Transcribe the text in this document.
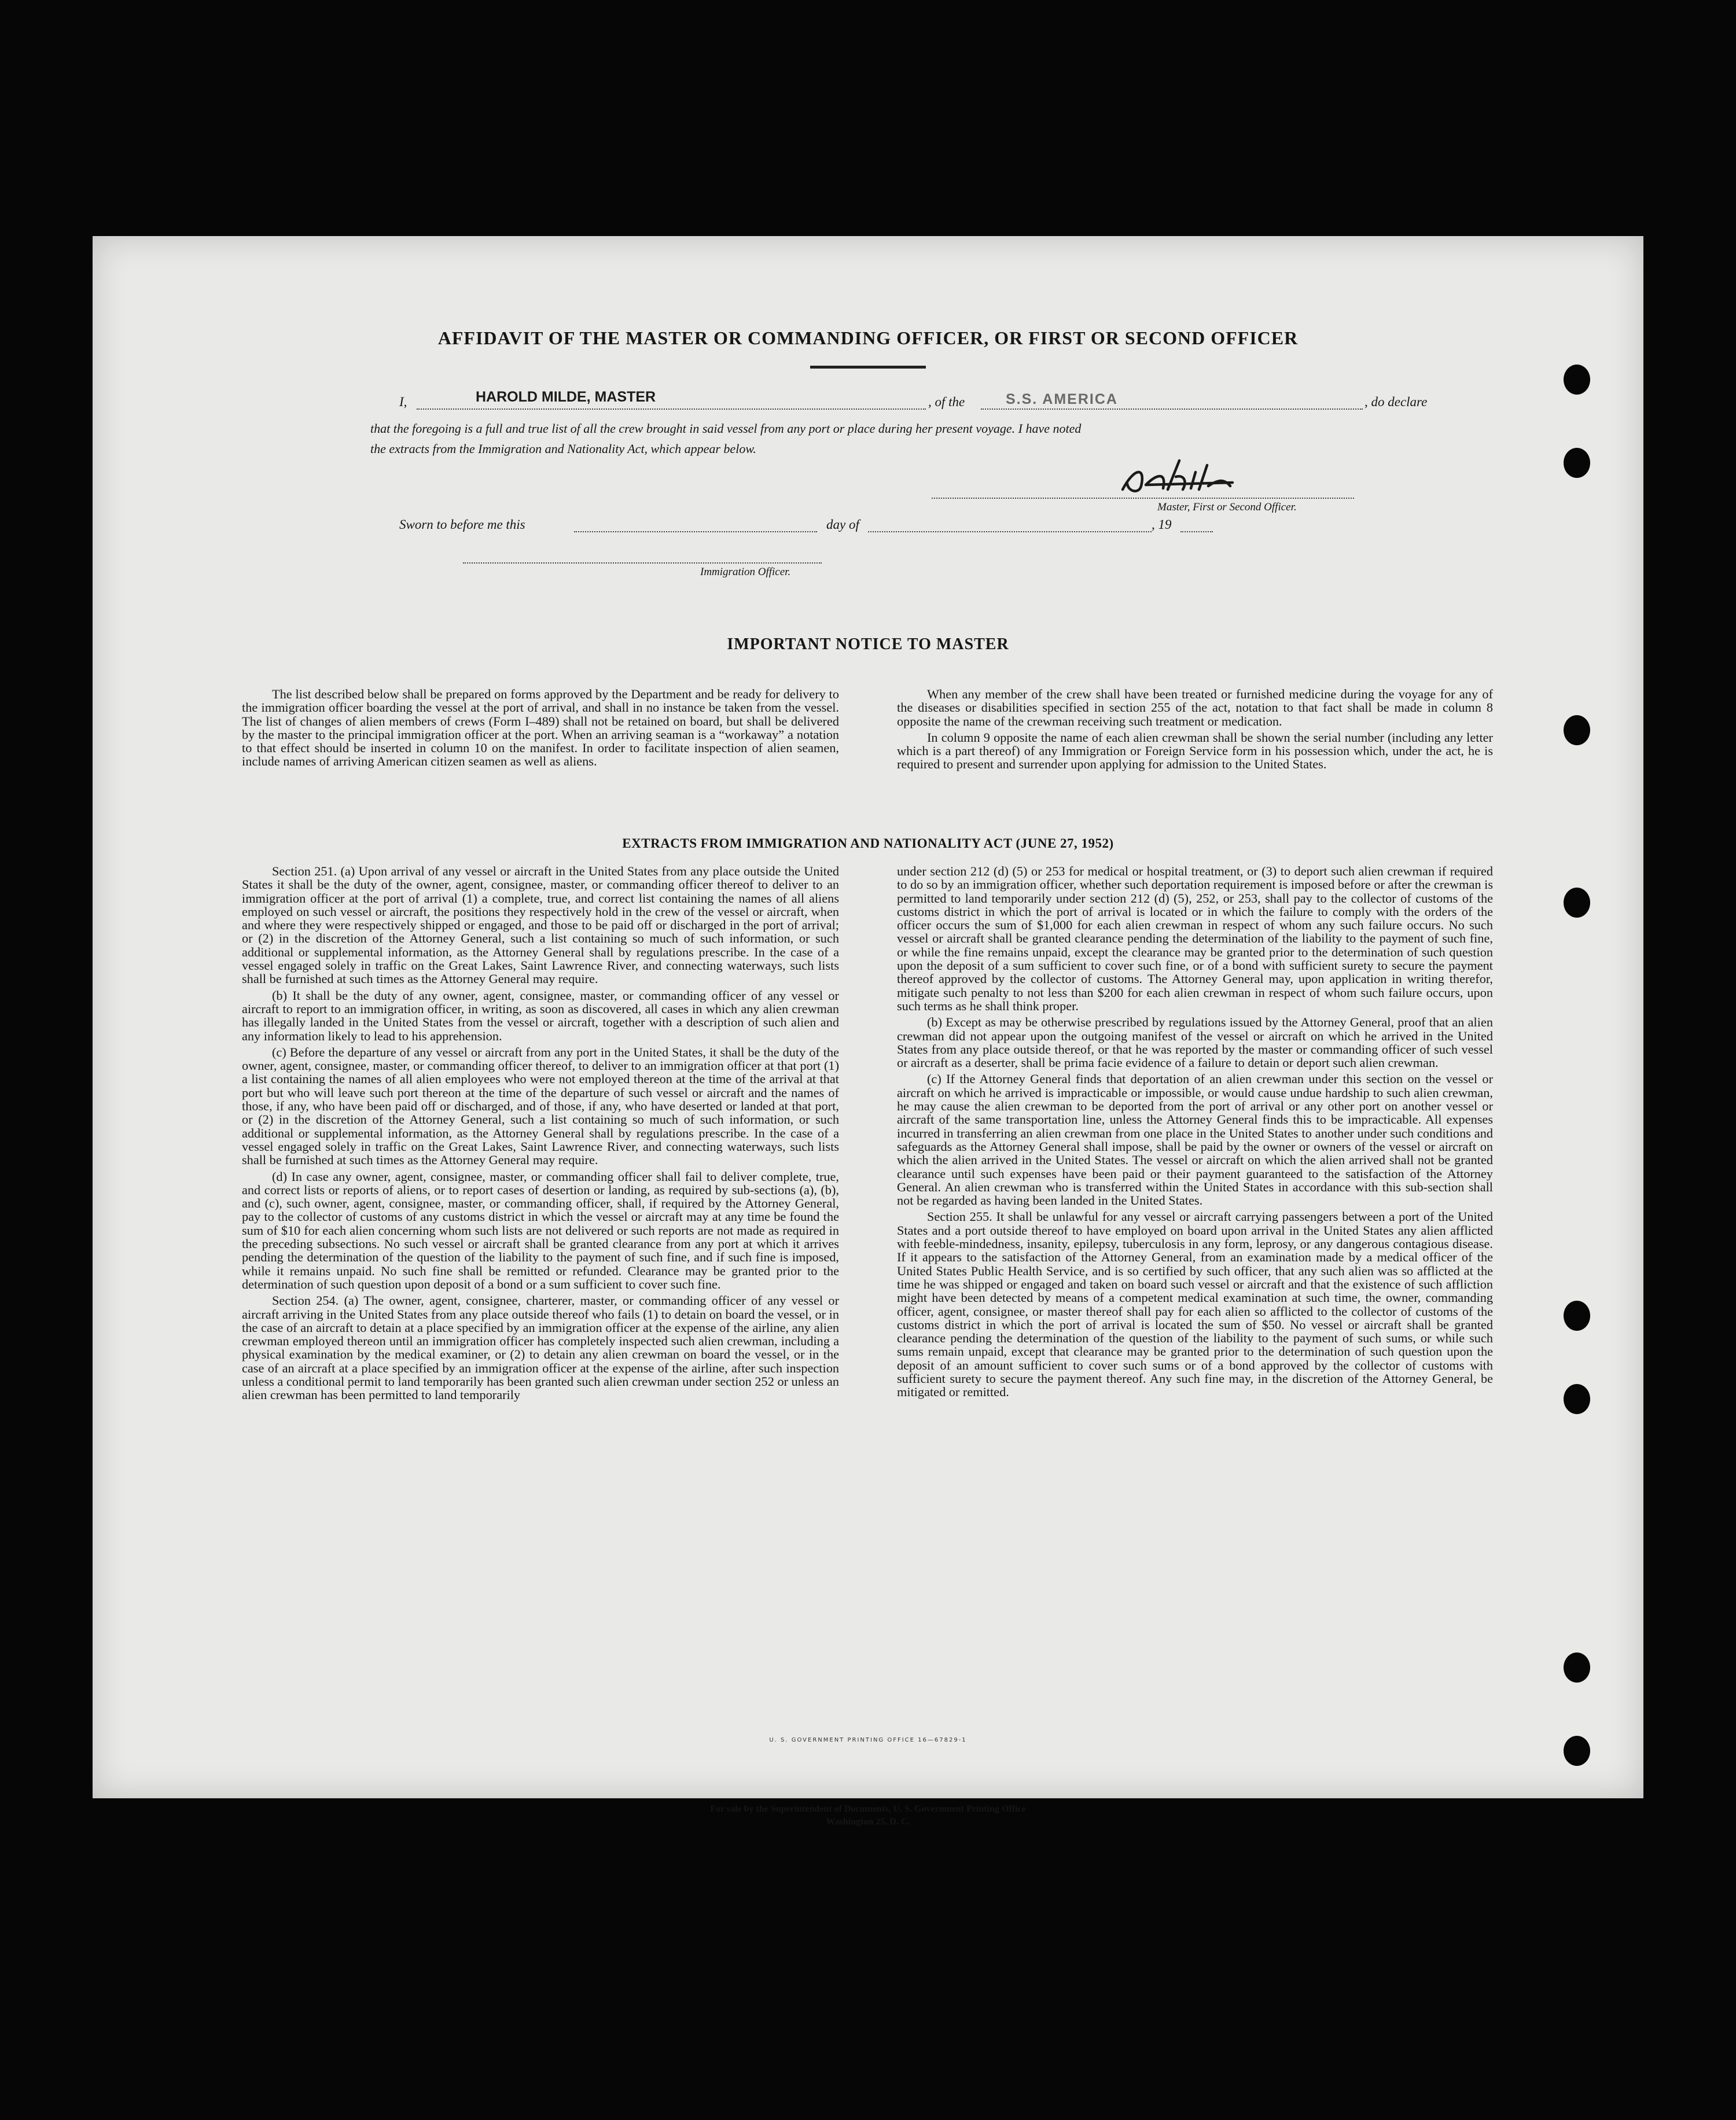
AFFIDAVIT OF THE MASTER OR COMMANDING OFFICER, OR FIRST OR SECOND OFFICER
I,	HAROLD MILDE, MASTER	, of the	S.S. AMERICA	, do declare
that the foregoing is a full and true list of all the crew brought in said vessel from any port or place during her present voyage. I have noted
the extracts from the Immigration and Nationality Act, which appear below.
Master, First or Second Officer.
Sworn to before me this	day of	, 19
Immigration Officer.
IMPORTANT NOTICE TO MASTER

The list described below shall be prepared on forms approved by the Department and be ready for delivery to the immigration officer boarding the vessel at the port of arrival, and shall in no instance be taken from the vessel. The list of changes of alien members of crews (Form I–489) shall not be retained on board, but shall be delivered by the master to the principal immigration officer at the port. When an arriving seaman is a “workaway” a notation to that effect should be inserted in column 10 on the manifest. In order to facilitate inspection of alien seamen, include names of arriving American citizen seamen as well as aliens.

When any member of the crew shall have been treated or furnished medicine during the voyage for any of the diseases or disabilities specified in section 255 of the act, notation to that fact shall be made in column 8 opposite the name of the crewman receiving such treatment or medication.

In column 9 opposite the name of each alien crewman shall be shown the serial number (including any letter which is a part thereof) of any Immigration or Foreign Service form in his possession which, under the act, he is required to present and surrender upon applying for admission to the United States.

EXTRACTS FROM IMMIGRATION AND NATIONALITY ACT (JUNE 27, 1952)

Section 251. (a) Upon arrival of any vessel or aircraft in the United States from any place outside the United States it shall be the duty of the owner, agent, consignee, master, or commanding officer thereof to deliver to an immigration officer at the port of arrival (1) a complete, true, and correct list containing the names of all aliens employed on such vessel or aircraft, the positions they respectively hold in the crew of the vessel or aircraft, when and where they were respectively shipped or engaged, and those to be paid off or discharged in the port of arrival; or (2) in the discretion of the Attorney General, such a list containing so much of such information, or such additional or supplemental information, as the Attorney General shall by regulations prescribe. In the case of a vessel engaged solely in traffic on the Great Lakes, Saint Lawrence River, and connecting waterways, such lists shall be furnished at such times as the Attorney General may require.

(b) It shall be the duty of any owner, agent, consignee, master, or commanding officer of any vessel or aircraft to report to an immigration officer, in writing, as soon as discovered, all cases in which any alien crewman has illegally landed in the United States from the vessel or aircraft, together with a description of such alien and any information likely to lead to his apprehension.

(c) Before the departure of any vessel or aircraft from any port in the United States, it shall be the duty of the owner, agent, consignee, master, or commanding officer thereof, to deliver to an immigration officer at that port (1) a list containing the names of all alien employees who were not employed thereon at the time of the arrival at that port but who will leave such port thereon at the time of the departure of such vessel or aircraft and the names of those, if any, who have been paid off or discharged, and of those, if any, who have deserted or landed at that port, or (2) in the discretion of the Attorney General, such a list containing so much of such information, or such additional or supplemental information, as the Attorney General shall by regulations prescribe. In the case of a vessel engaged solely in traffic on the Great Lakes, Saint Lawrence River, and connecting waterways, such lists shall be furnished at such times as the Attorney General may require.

(d) In case any owner, agent, consignee, master, or commanding officer shall fail to deliver complete, true, and correct lists or reports of aliens, or to report cases of desertion or landing, as required by sub-sections (a), (b), and (c), such owner, agent, consignee, master, or commanding officer, shall, if required by the Attorney General, pay to the collector of customs of any customs district in which the vessel or aircraft may at any time be found the sum of $10 for each alien concerning whom such lists are not delivered or such reports are not made as required in the preceding subsections. No such vessel or aircraft shall be granted clearance from any port at which it arrives pending the determination of the question of the liability to the payment of such fine, and if such fine is imposed, while it remains unpaid. No such fine shall be remitted or refunded. Clearance may be granted prior to the determination of such question upon deposit of a bond or a sum sufficient to cover such fine.

Section 254. (a) The owner, agent, consignee, charterer, master, or commanding officer of any vessel or aircraft arriving in the United States from any place outside thereof who fails (1) to detain on board the vessel, or in the case of an aircraft to detain at a place specified by an immigration officer at the expense of the airline, any alien crewman employed thereon until an immigration officer has completely inspected such alien crewman, including a physical examination by the medical examiner, or (2) to detain any alien crewman on board the vessel, or in the case of an aircraft at a place specified by an immigration officer at the expense of the airline, after such inspection unless a conditional permit to land temporarily has been granted such alien crewman under section 252 or unless an alien crewman has been permitted to land temporarily

under section 212 (d) (5) or 253 for medical or hospital treatment, or (3) to deport such alien crewman if required to do so by an immigration officer, whether such deportation requirement is imposed before or after the crewman is permitted to land temporarily under section 212 (d) (5), 252, or 253, shall pay to the collector of customs of the customs district in which the port of arrival is located or in which the failure to comply with the orders of the officer occurs the sum of $1,000 for each alien crewman in respect of whom any such failure occurs. No such vessel or aircraft shall be granted clearance pending the determination of the liability to the payment of such fine, or while the fine remains unpaid, except the clearance may be granted prior to the determination of such question upon the deposit of a sum sufficient to cover such fine, or of a bond with sufficient surety to secure the payment thereof approved by the collector of customs. The Attorney General may, upon application in writing therefor, mitigate such penalty to not less than $200 for each alien crewman in respect of whom such failure occurs, upon such terms as he shall think proper.

(b) Except as may be otherwise prescribed by regulations issued by the Attorney General, proof that an alien crewman did not appear upon the outgoing manifest of the vessel or aircraft on which he arrived in the United States from any place outside thereof, or that he was reported by the master or commanding officer of such vessel or aircraft as a deserter, shall be prima facie evidence of a failure to detain or deport such alien crewman.

(c) If the Attorney General finds that deportation of an alien crewman under this section on the vessel or aircraft on which he arrived is impracticable or impossible, or would cause undue hardship to such alien crewman, he may cause the alien crewman to be deported from the port of arrival or any other port on another vessel or aircraft of the same transportation line, unless the Attorney General finds this to be impracticable. All expenses incurred in transferring an alien crewman from one place in the United States to another under such conditions and safeguards as the Attorney General shall impose, shall be paid by the owner or owners of the vessel or aircraft on which the alien arrived in the United States. The vessel or aircraft on which the alien arrived shall not be granted clearance until such expenses have been paid or their payment guaranteed to the satisfaction of the Attorney General. An alien crewman who is transferred within the United States in accordance with this sub-section shall not be regarded as having been landed in the United States.

Section 255. It shall be unlawful for any vessel or aircraft carrying passengers between a port of the United States and a port outside thereof to have employed on board upon arrival in the United States any alien afflicted with feeble-mindedness, insanity, epilepsy, tuberculosis in any form, leprosy, or any dangerous contagious disease. If it appears to the satisfaction of the Attorney General, from an examination made by a medical officer of the United States Public Health Service, and is so certified by such officer, that any such alien was so afflicted at the time he was shipped or engaged and taken on board such vessel or aircraft and that the existence of such affliction might have been detected by means of a competent medical examination at such time, the owner, commanding officer, agent, consignee, or master thereof shall pay for each alien so afflicted to the collector of customs of the customs district in which the port of arrival is located the sum of $50. No vessel or aircraft shall be granted clearance pending the determination of the question of the liability to the payment of such sums, or while such sums remain unpaid, except that clearance may be granted prior to the determination of such question upon the deposit of an amount sufficient to cover such sums or of a bond approved by the collector of customs with sufficient surety to secure the payment thereof. Any such fine may, in the discretion of the Attorney General, be mitigated or remitted.

U. S. GOVERNMENT PRINTING OFFICE 16—67829-1
For sale by the Superintendent of Documents, U. S. Government Printing Office
Washington 25, D. C.
